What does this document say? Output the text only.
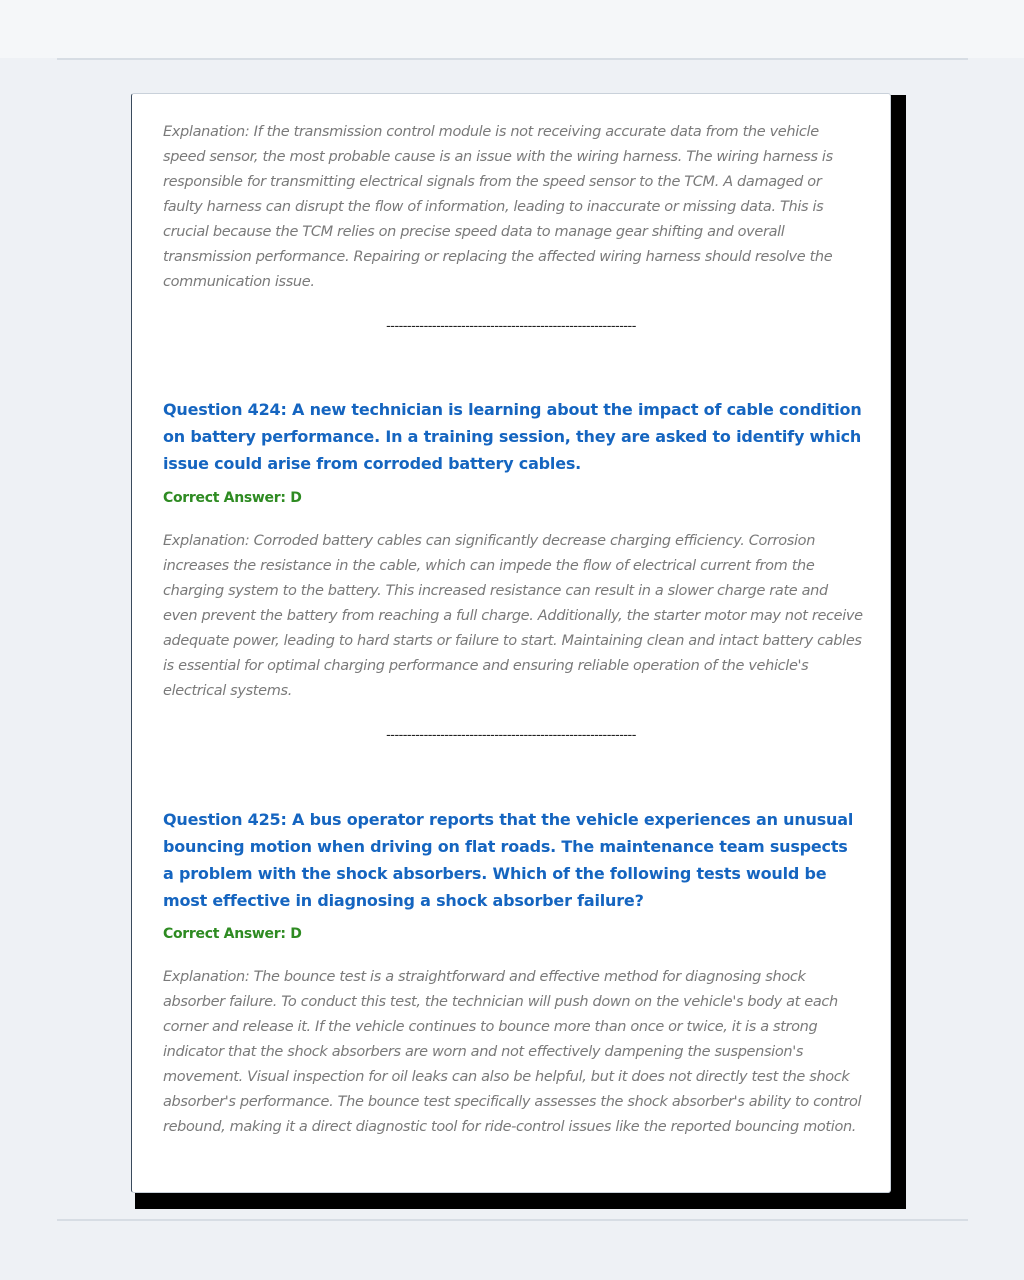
Explanation: If the transmission control module is not receiving accurate data from the vehicle speed sensor, the most probable cause is an issue with the wiring harness. The wiring harness is responsible for transmitting electrical signals from the speed sensor to the TCM. A damaged or faulty harness can disrupt the flow of information, leading to inaccurate or missing data. This is crucial because the TCM relies on precise speed data to manage gear shifting and overall transmission performance. Repairing or replacing the affected wiring harness should resolve the communication issue.

------------------------------------------------------------

Question 424: A new technician is learning about the impact of cable condition on battery performance. In a training session, they are asked to identify which issue could arise from corroded battery cables.

Correct Answer: D

Explanation: Corroded battery cables can significantly decrease charging efficiency. Corrosion increases the resistance in the cable, which can impede the flow of electrical current from the charging system to the battery. This increased resistance can result in a slower charge rate and even prevent the battery from reaching a full charge. Additionally, the starter motor may not receive adequate power, leading to hard starts or failure to start. Maintaining clean and intact battery cables is essential for optimal charging performance and ensuring reliable operation of the vehicle's electrical systems.

------------------------------------------------------------

Question 425: A bus operator reports that the vehicle experiences an unusual bouncing motion when driving on flat roads. The maintenance team suspects a problem with the shock absorbers. Which of the following tests would be most effective in diagnosing a shock absorber failure?

Correct Answer: D

Explanation: The bounce test is a straightforward and effective method for diagnosing shock absorber failure. To conduct this test, the technician will push down on the vehicle's body at each corner and release it. If the vehicle continues to bounce more than once or twice, it is a strong indicator that the shock absorbers are worn and not effectively dampening the suspension's movement. Visual inspection for oil leaks can also be helpful, but it does not directly test the shock absorber's performance. The bounce test specifically assesses the shock absorber's ability to control rebound, making it a direct diagnostic tool for ride-control issues like the reported bouncing motion.
